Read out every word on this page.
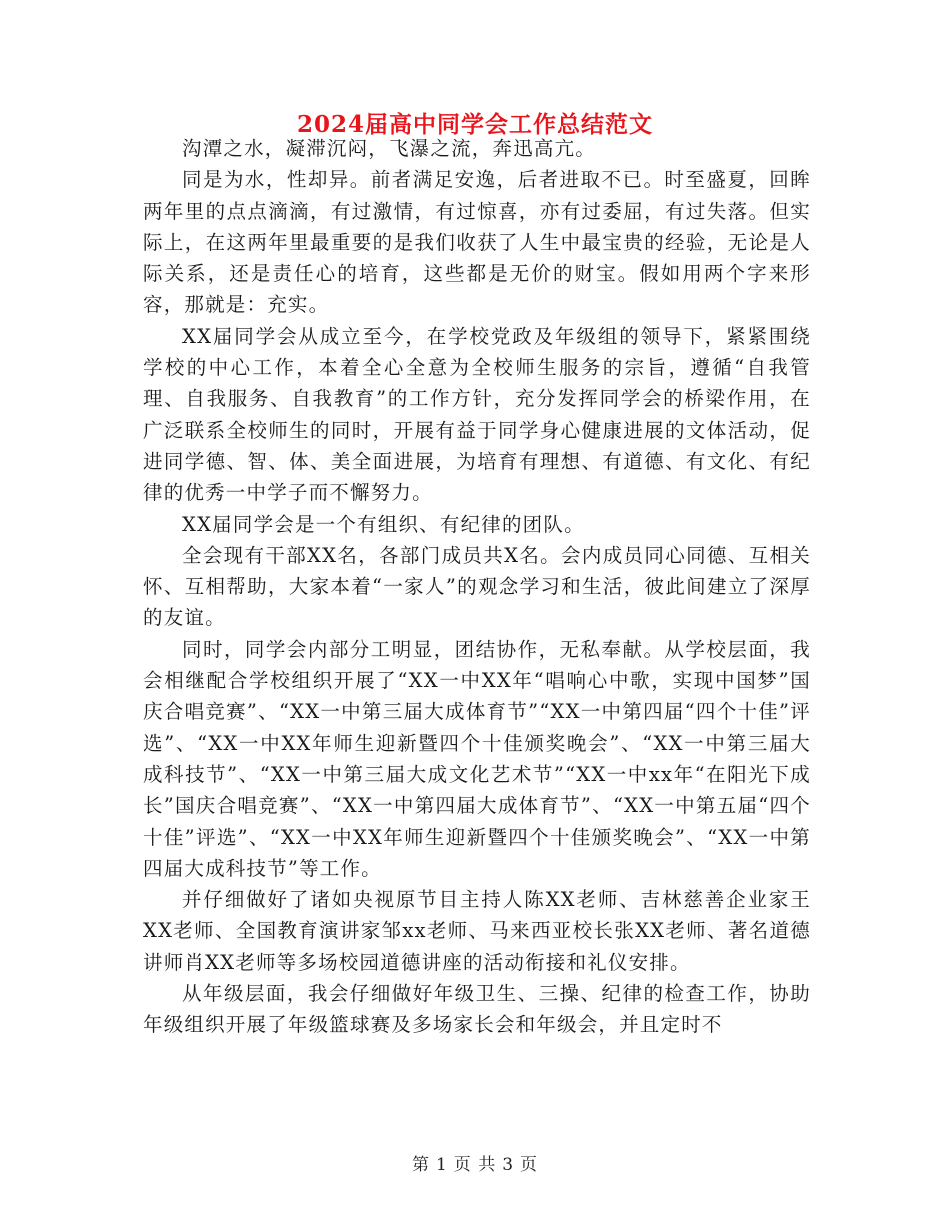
2024届高中同学会工作总结范文

沟潭之水，凝滞沉闷，飞瀑之流，奔迅高亢。

同是为水，性却异。前者满足安逸，后者进取不已。时至盛夏，回眸两年里的点点滴滴，有过激情，有过惊喜，亦有过委屈，有过失落。但实际上，在这两年里最重要的是我们收获了人生中最宝贵的经验，无论是人际关系，还是责任心的培育，这些都是无价的财宝。假如用两个字来形容，那就是：充实。

XX届同学会从成立至今，在学校党政及年级组的领导下，紧紧围绕学校的中心工作，本着全心全意为全校师生服务的宗旨，遵循“自我管理、自我服务、自我教育”的工作方针，充分发挥同学会的桥梁作用，在广泛联系全校师生的同时，开展有益于同学身心健康进展的文体活动，促进同学德、智、体、美全面进展，为培育有理想、有道德、有文化、有纪律的优秀一中学子而不懈努力。

XX届同学会是一个有组织、有纪律的团队。

全会现有干部XX名，各部门成员共X名。会内成员同心同德、互相关怀、互相帮助，大家本着“一家人”的观念学习和生活，彼此间建立了深厚的友谊。

同时，同学会内部分工明显，团结协作，无私奉献。从学校层面，我会相继配合学校组织开展了“XX一中XX年“唱响心中歌，实现中国梦”国庆合唱竞赛”、“XX一中第三届大成体育节”“XX一中第四届“四个十佳”评选”、“XX一中XX年师生迎新暨四个十佳颁奖晚会”、“XX一中第三届大成科技节”、“XX一中第三届大成文化艺术节”“XX一中xx年“在阳光下成长”国庆合唱竞赛”、“XX一中第四届大成体育节”、“XX一中第五届“四个十佳”评选”、“XX一中XX年师生迎新暨四个十佳颁奖晚会”、“XX一中第四届大成科技节”等工作。

并仔细做好了诸如央视原节目主持人陈XX老师、吉林慈善企业家王XX老师、全国教育演讲家邹xx老师、马来西亚校长张XX老师、著名道德讲师肖XX老师等多场校园道德讲座的活动衔接和礼仪安排。

从年级层面，我会仔细做好年级卫生、三操、纪律的检查工作，协助年级组织开展了年级篮球赛及多场家长会和年级会，并且定时不

第 1 页 共 3 页
